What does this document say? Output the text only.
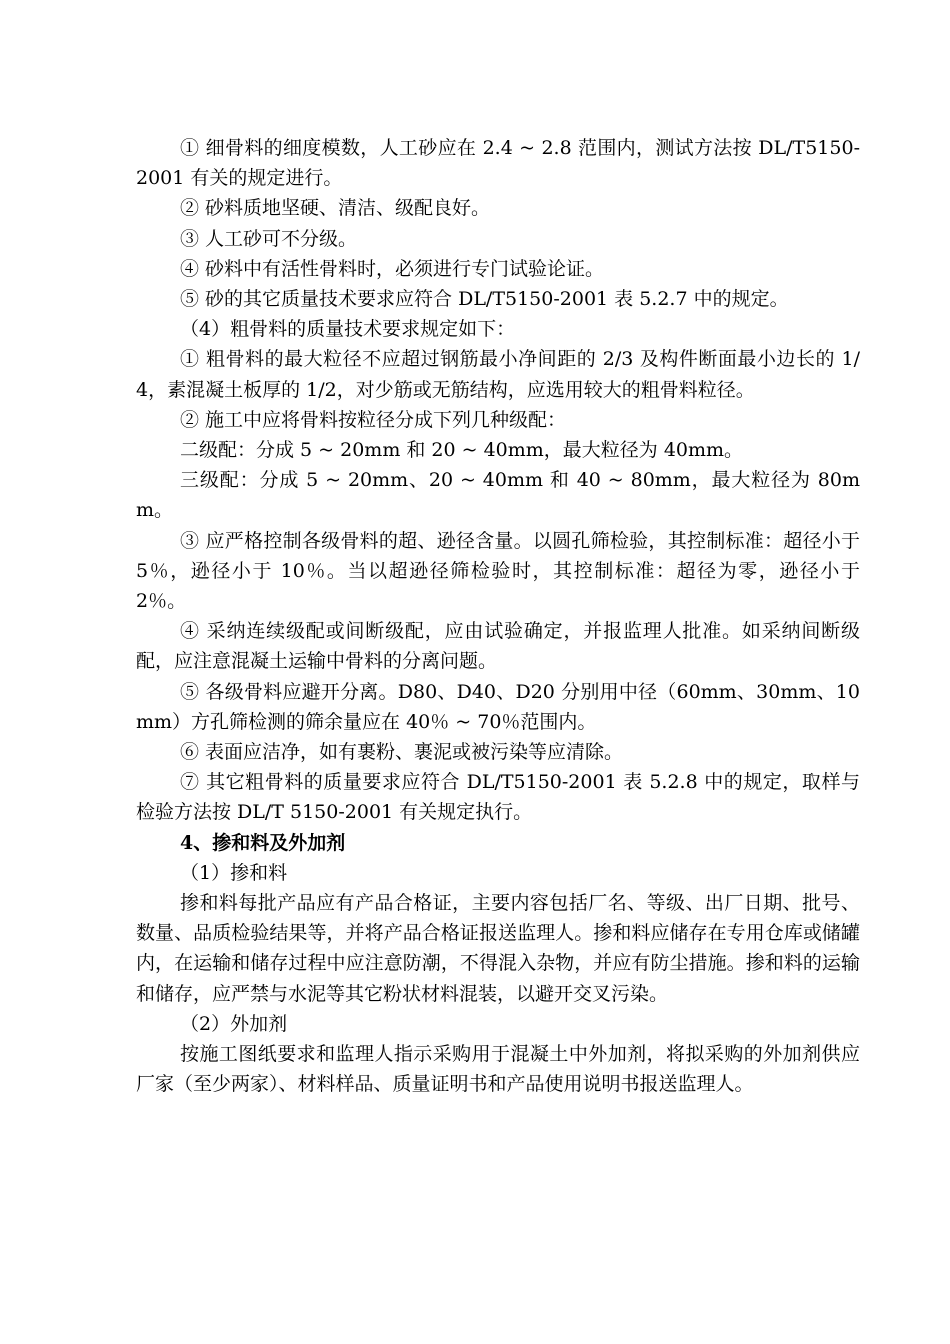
① 细骨料的细度模数，人工砂应在 2.4 ~ 2.8 范围内，测试方法按 DL/T5150-2001 有关的规定进行。

② 砂料质地坚硬、清洁、级配良好。

③ 人工砂可不分级。

④ 砂料中有活性骨料时，必须进行专门试验论证。

⑤ 砂的其它质量技术要求应符合 DL/T5150-2001 表 5.2.7 中的规定。

（4）粗骨料的质量技术要求规定如下：

① 粗骨料的最大粒径不应超过钢筋最小净间距的 2/3 及构件断面最小边长的 1/4，素混凝土板厚的 1/2，对少筋或无筋结构，应选用较大的粗骨料粒径。

② 施工中应将骨料按粒径分成下列几种级配：

二级配：分成 5 ~ 20mm 和 20 ~ 40mm，最大粒径为 40mm。

三级配：分成 5 ~ 20mm、20 ~ 40mm 和 40 ~ 80mm，最大粒径为 80mm。

③ 应严格控制各级骨料的超、逊径含量。以圆孔筛检验，其控制标准：超径小于 5％，逊径小于 10％。当以超逊径筛检验时，其控制标准：超径为零，逊径小于 2％。

④ 采纳连续级配或间断级配，应由试验确定，并报监理人批准。如采纳间断级配，应注意混凝土运输中骨料的分离问题。

⑤ 各级骨料应避开分离。D80、D40、D20 分别用中径（60mm、30mm、10mm）方孔筛检测的筛余量应在 40％ ~ 70％范围内。

⑥ 表面应洁净，如有裹粉、裹泥或被污染等应清除。

⑦ 其它粗骨料的质量要求应符合 DL/T5150-2001 表 5.2.8 中的规定，取样与检验方法按 DL/T 5150-2001 有关规定执行。

4、掺和料及外加剂

（1）掺和料

掺和料每批产品应有产品合格证，主要内容包括厂名、等级、出厂日期、批号、数量、品质检验结果等，并将产品合格证报送监理人。掺和料应储存在专用仓库或储罐内，在运输和储存过程中应注意防潮，不得混入杂物，并应有防尘措施。掺和料的运输和储存，应严禁与水泥等其它粉状材料混装，以避开交叉污染。

（2）外加剂

按施工图纸要求和监理人指示采购用于混凝土中外加剂，将拟采购的外加剂供应厂家（至少两家）、材料样品、质量证明书和产品使用说明书报送监理人。
